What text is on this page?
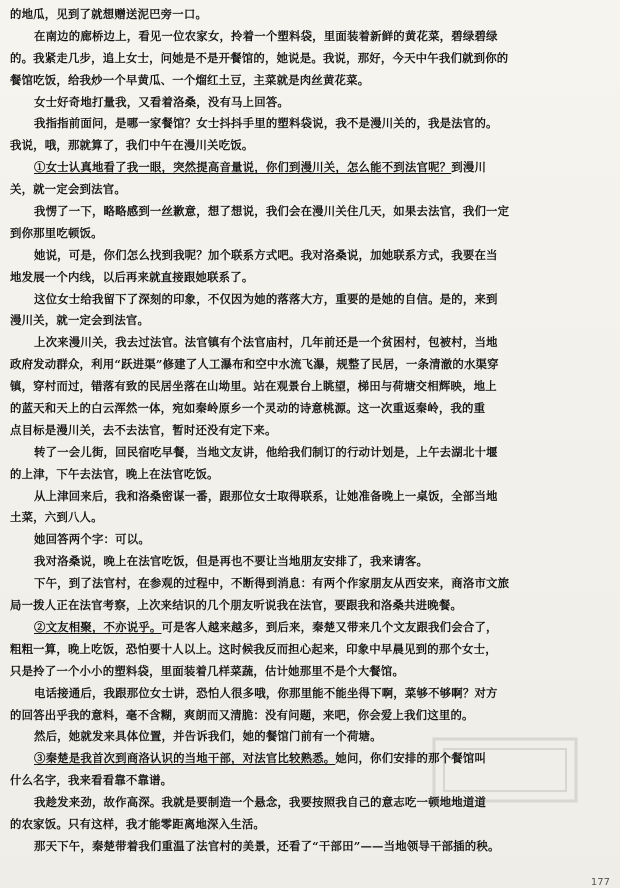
的地瓜，见到了就想赠送泥巴旁一口。
在南边的廊桥边上，看见一位农家女，拎着一个塑料袋，里面装着新鲜的黄花菜，碧绿碧绿
的。我紧走几步，追上女士，问她是不是开餐馆的，她说是。我说，那好，今天中午我们就到你的
餐馆吃饭，给我炒一个早黄瓜、一个熘红土豆，主菜就是肉丝黄花菜。
女士好奇地打量我，又看着洛桑，没有马上回答。
我指指前面问，是哪一家餐馆？女士抖抖手里的塑料袋说，我不是漫川关的，我是法官的。
我说，哦，那就算了，我们中午在漫川关吃饭。
①女士认真地看了我一眼，突然提高音量说，你们到漫川关，怎么能不到法官呢？到漫川
关，就一定会到法官。
我愣了一下，略略感到一丝歉意，想了想说，我们会在漫川关住几天，如果去法官，我们一定
到你那里吃顿饭。
她说，可是，你们怎么找到我呢？加个联系方式吧。我对洛桑说，加她联系方式，我要在当
地发展一个内线，以后再来就直接跟她联系了。
这位女士给我留下了深刻的印象，不仅因为她的落落大方，重要的是她的自信。是的，来到
漫川关，就一定会到法官。
上次来漫川关，我去过法官。法官镇有个法官庙村，几年前还是一个贫困村，包被村，当地
政府发动群众，利用“跃进渠”修建了人工瀑布和空中水流飞瀑，规整了民居，一条清澈的水渠穿
镇，穿村而过，错落有致的民居坐落在山坳里。站在观景台上眺望，梯田与荷塘交相辉映，地上
的蓝天和天上的白云浑然一体，宛如秦岭原乡一个灵动的诗意桃源。这一次重返秦岭，我的重
点目标是漫川关，去不去法官，暂时还没有定下来。
转了一会儿街，回民宿吃早餐，当地文友讲，他给我们制订的行动计划是，上午去湖北十堰
的上津，下午去法官，晚上在法官吃饭。
从上津回来后，我和洛桑密谋一番，跟那位女士取得联系，让她准备晚上一桌饭，全部当地
土菜，六到八人。
她回答两个字：可以。
我对洛桑说，晚上在法官吃饭，但是再也不要让当地朋友安排了，我来请客。
下午，到了法官村，在参观的过程中，不断得到消息：有两个作家朋友从西安来，商洛市文旅
局一拨人正在法官考察，上次来结识的几个朋友听说我在法官，要跟我和洛桑共进晚餐。
②文友相聚，不亦说乎。可是客人越来越多，到后来，秦楚又带来几个文友跟我们会合了，
粗粗一算，晚上吃饭，恐怕要十人以上。这时候我反而担心起来，印象中早晨见到的那个女士，
只是拎了一个小小的塑料袋，里面装着几样菜蔬，估计她那里不是个大餐馆。
电话接通后，我跟那位女士讲，恐怕人很多哦，你那里能不能坐得下啊，菜够不够啊？对方
的回答出乎我的意料，毫不含糊，爽朗而又清脆：没有问题，来吧，你会爱上我们这里的。
然后，她就发来具体位置，并告诉我们，她的餐馆门前有一个荷塘。
③秦楚是我首次到商洛认识的当地干部，对法官比较熟悉。她问，你们安排的那个餐馆叫
什么名字，我来看看靠不靠谱。
我趁发来劲，故作高深。我就是要制造一个悬念，我要按照我自己的意志吃一顿地地道道
的农家饭。只有这样，我才能零距离地深入生活。
那天下午，秦楚带着我们重温了法官村的美景，还看了“干部田”——当地领导干部插的秧。
177
